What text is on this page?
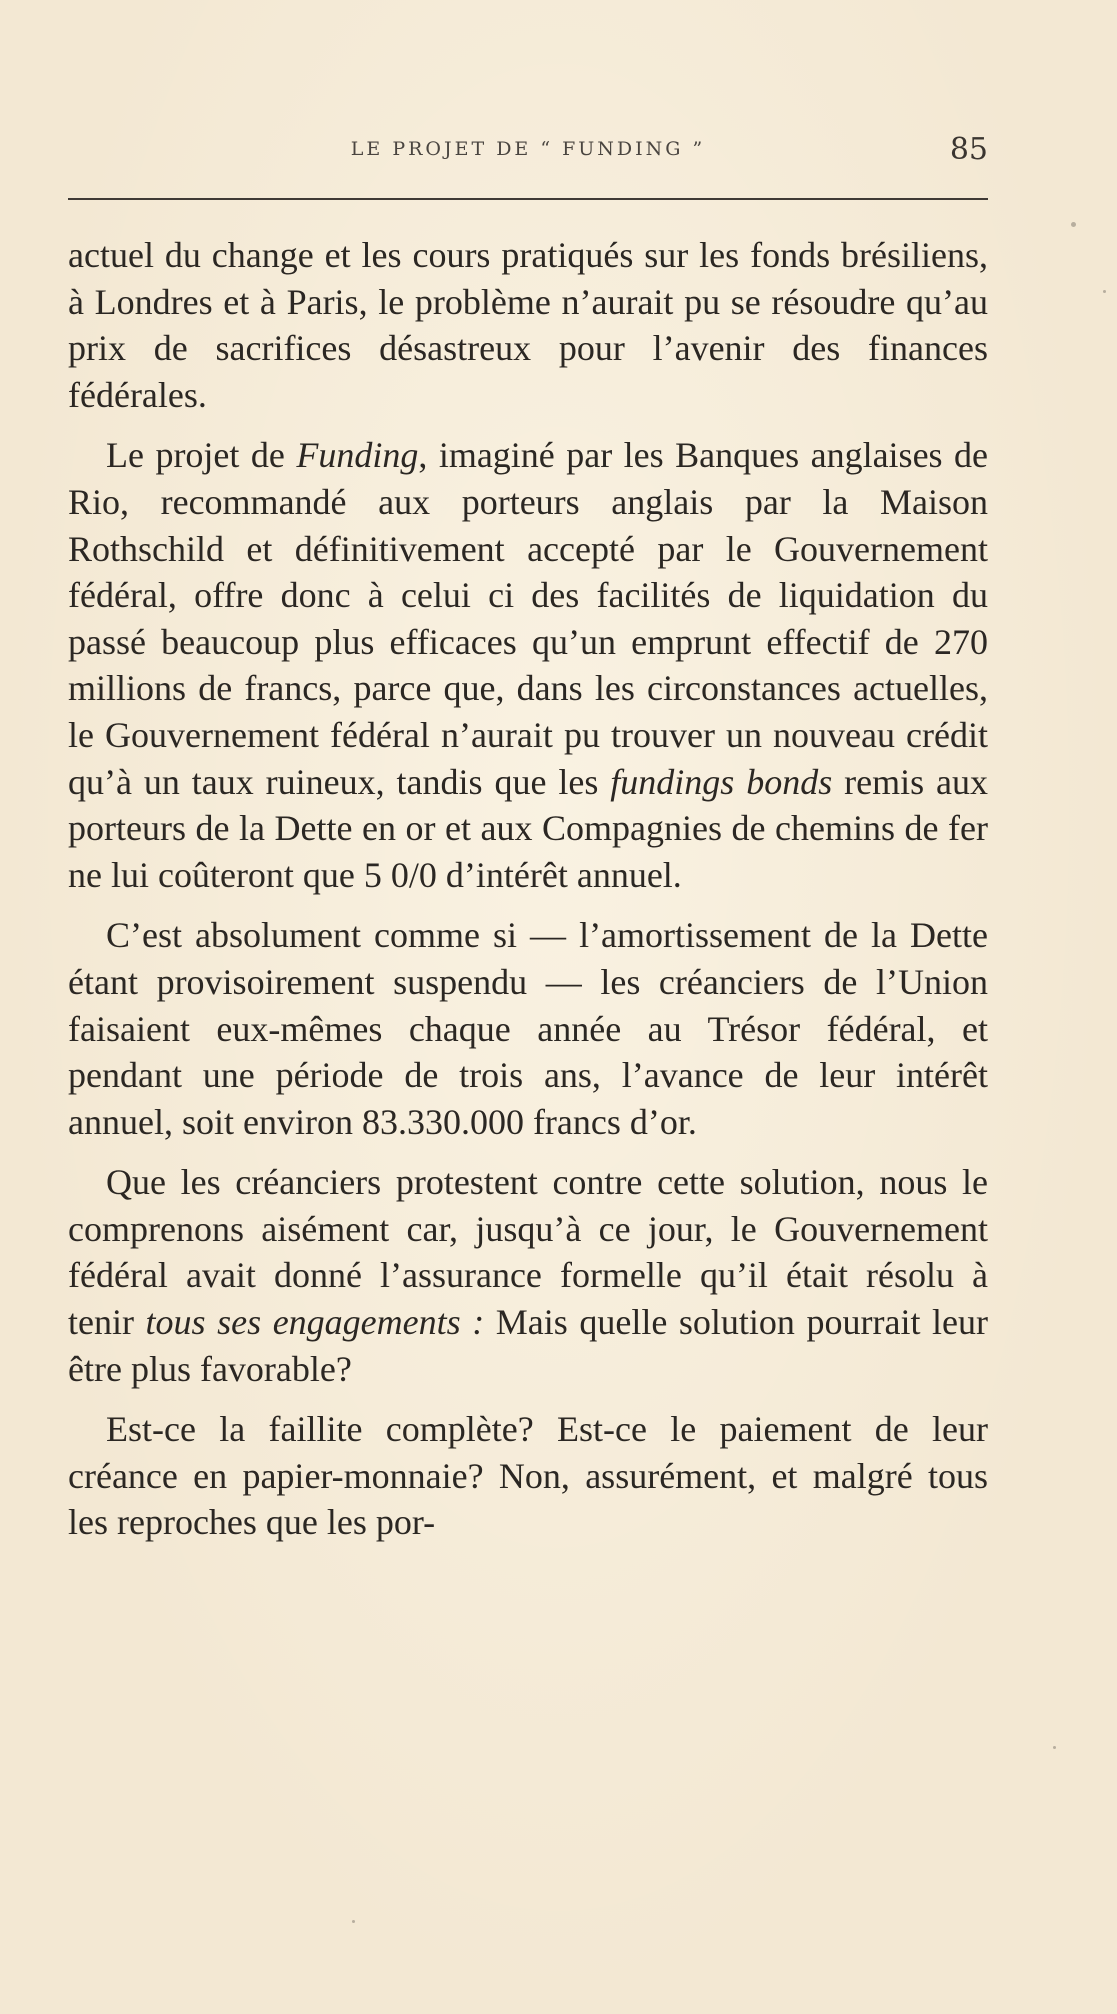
LE PROJET DE “ FUNDING ”	85

actuel du change et les cours pratiqués sur les fonds brésiliens, à Londres et à Paris, le problème n’aurait pu se résoudre qu’au prix de sacrifices désastreux pour l’avenir des finances fédérales.

Le projet de Funding, imaginé par les Banques anglaises de Rio, recommandé aux porteurs anglais par la Maison Rothschild et définitivement accepté par le Gouvernement fédéral, offre donc à celui ci des facilités de liquidation du passé beaucoup plus efficaces qu’un emprunt effectif de 270 millions de francs, parce que, dans les circonstances actuelles, le Gouvernement fédéral n’aurait pu trouver un nouveau crédit qu’à un taux ruineux, tandis que les fundings bonds remis aux porteurs de la Dette en or et aux Compagnies de chemins de fer ne lui coûteront que 5 0/0 d’intérêt annuel.

C’est absolument comme si — l’amortissement de la Dette étant provisoirement suspendu — les créanciers de l’Union faisaient eux-mêmes chaque année au Trésor fédéral, et pendant une période de trois ans, l’avance de leur intérêt annuel, soit environ 83.330.000 francs d’or.

Que les créanciers protestent contre cette solution, nous le comprenons aisément car, jusqu’à ce jour, le Gouvernement fédéral avait donné l’assurance formelle qu’il était résolu à tenir tous ses engagements : Mais quelle solution pourrait leur être plus favorable?

Est-ce la faillite complète? Est-ce le paiement de leur créance en papier-monnaie? Non, assurément, et malgré tous les reproches que les por-
